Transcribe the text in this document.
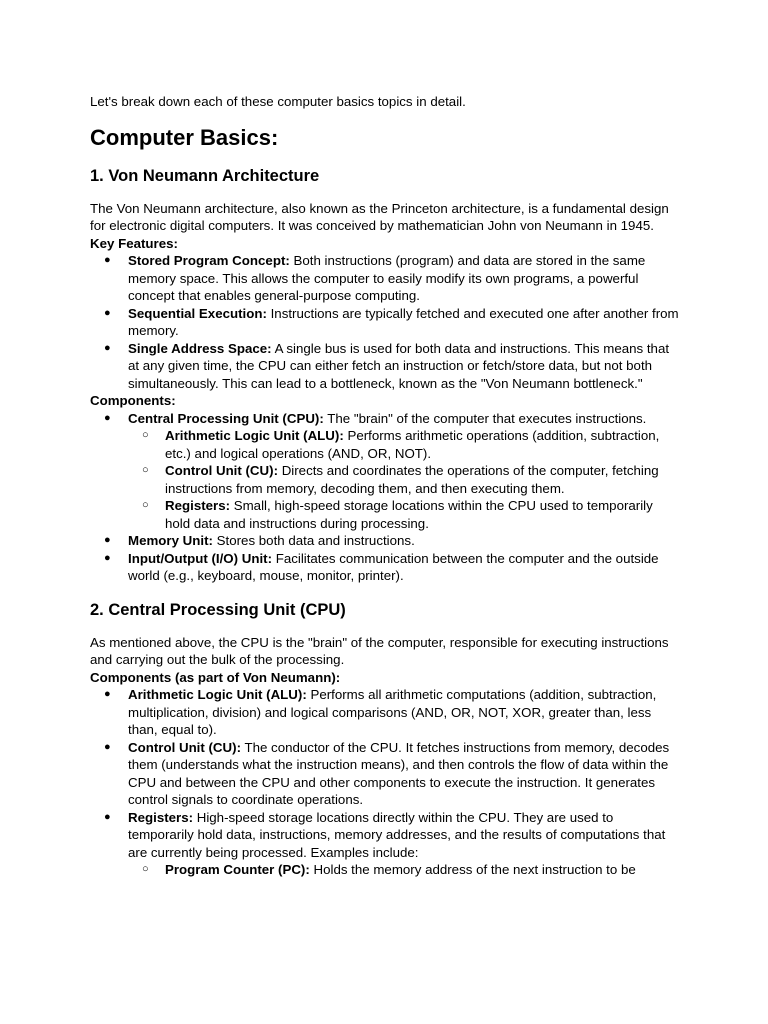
Let's break down each of these computer basics topics in detail.

Computer Basics:
1. Von Neumann Architecture

The Von Neumann architecture, also known as the Princeton architecture, is a fundamental design for electronic digital computers. It was conceived by mathematician John von Neumann in 1945.

Key Features:

● Stored Program Concept: Both instructions (program) and data are stored in the same memory space. This allows the computer to easily modify its own programs, a powerful concept that enables general-purpose computing.
● Sequential Execution: Instructions are typically fetched and executed one after another from memory.
● Single Address Space: A single bus is used for both data and instructions. This means that at any given time, the CPU can either fetch an instruction or fetch/store data, but not both simultaneously. This can lead to a bottleneck, known as the "Von Neumann bottleneck."

Components:

● Central Processing Unit (CPU): The "brain" of the computer that executes instructions.
○ Arithmetic Logic Unit (ALU): Performs arithmetic operations (addition, subtraction, etc.) and logical operations (AND, OR, NOT).
○ Control Unit (CU): Directs and coordinates the operations of the computer, fetching instructions from memory, decoding them, and then executing them.
○ Registers: Small, high-speed storage locations within the CPU used to temporarily hold data and instructions during processing.
● Memory Unit: Stores both data and instructions.
● Input/Output (I/O) Unit: Facilitates communication between the computer and the outside world (e.g., keyboard, mouse, monitor, printer).
2. Central Processing Unit (CPU)

As mentioned above, the CPU is the "brain" of the computer, responsible for executing instructions and carrying out the bulk of the processing.

Components (as part of Von Neumann):

● Arithmetic Logic Unit (ALU): Performs all arithmetic computations (addition, subtraction, multiplication, division) and logical comparisons (AND, OR, NOT, XOR, greater than, less than, equal to).
● Control Unit (CU): The conductor of the CPU. It fetches instructions from memory, decodes them (understands what the instruction means), and then controls the flow of data within the CPU and between the CPU and other components to execute the instruction. It generates control signals to coordinate operations.
● Registers: High-speed storage locations directly within the CPU. They are used to temporarily hold data, instructions, memory addresses, and the results of computations that are currently being processed. Examples include:
○ Program Counter (PC): Holds the memory address of the next instruction to be
